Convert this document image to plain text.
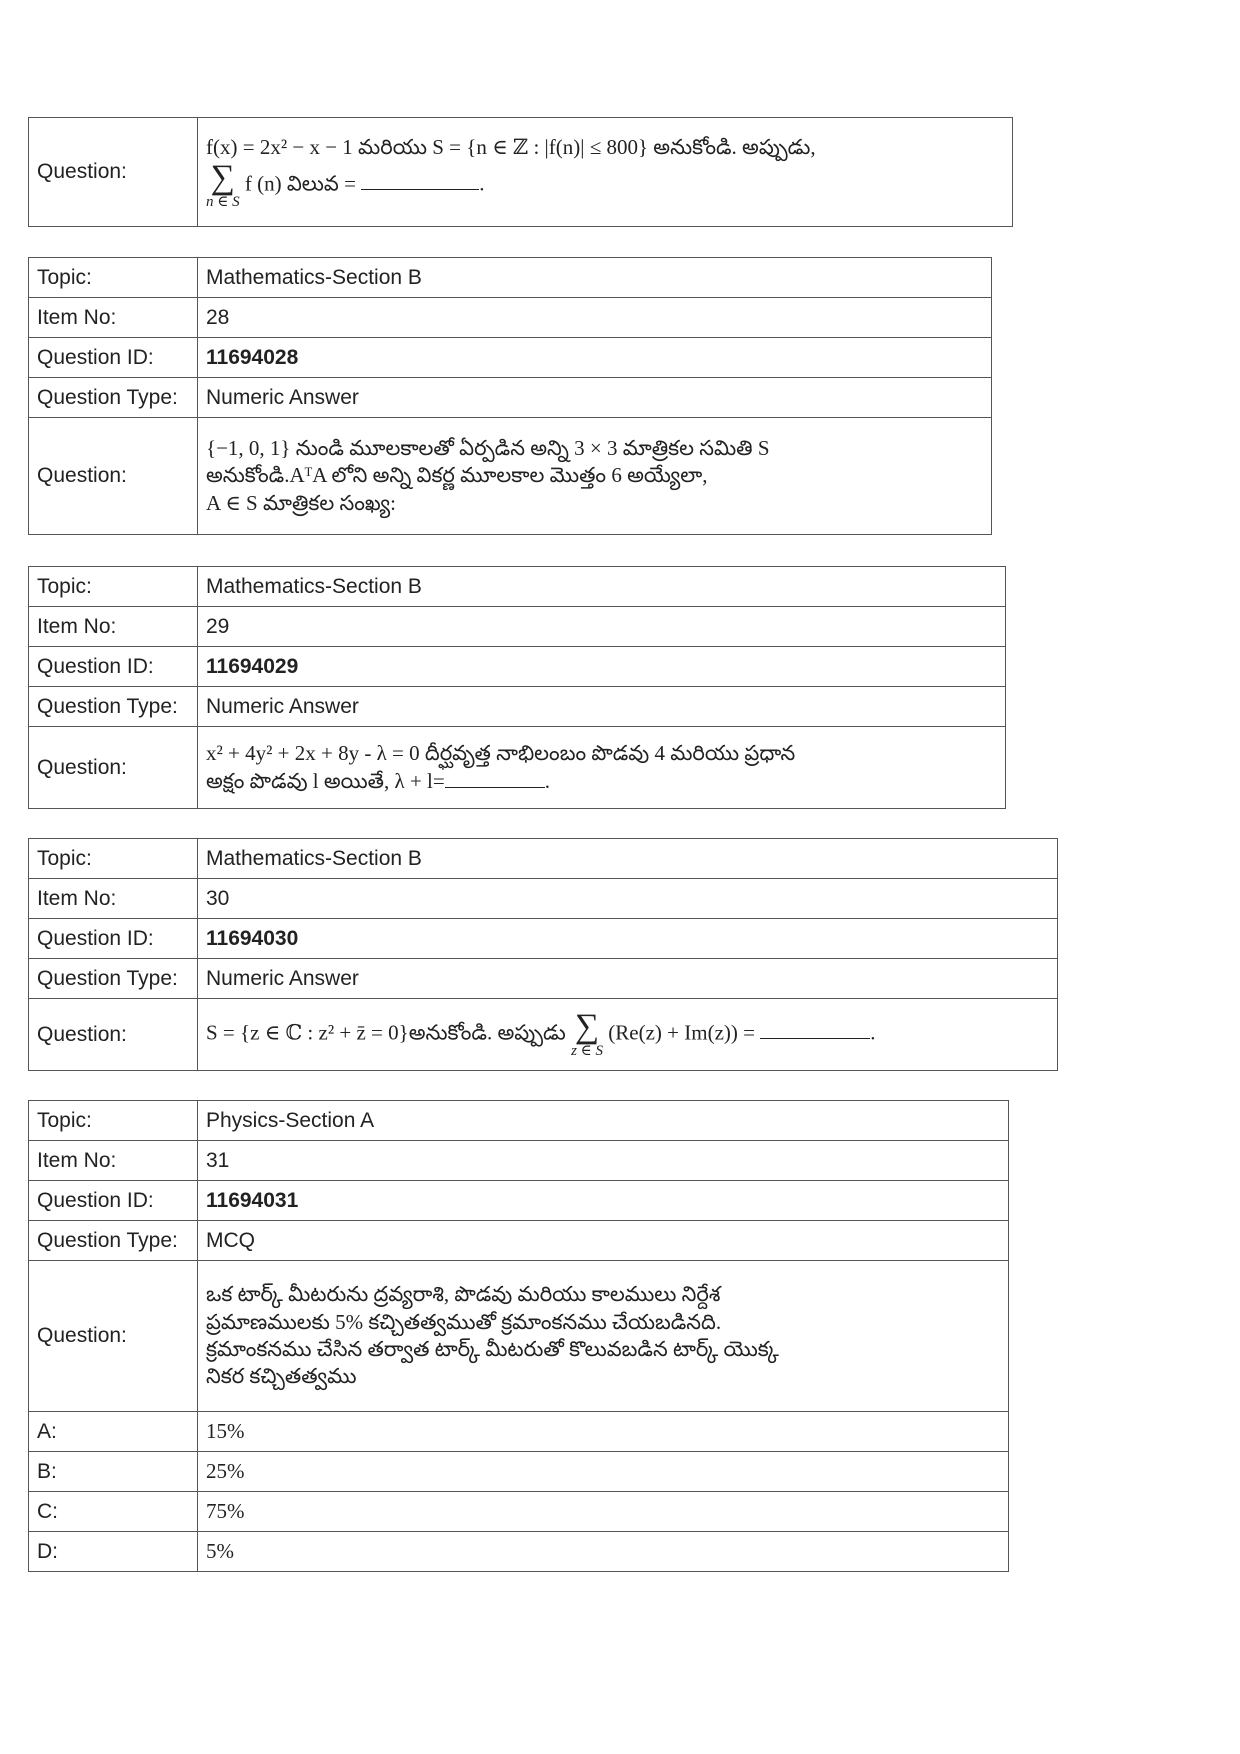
Question:	
f(x) = 2x² − x − 1 మరియు S = {n ∈ ℤ : |f(n)| ≤ 800} అనుకోండి. అప్పుడు,
∑
n ∈ S
f (n) విలువ =	.
Topic:	Mathematics-Section B
Item No:	28
Question ID:	11694028
Question Type:	Numeric Answer
Question:	{−1, 0, 1} నుండి మూలకాలతో ఏర్పడిన అన్ని 3 × 3 మాత్రికల సమితి S
అనుకోండి.AᵀA లోని అన్ని వికర్ణ మూలకాల మొత్తం 6 అయ్యేలా,
A ∈ S మాత్రికల సంఖ్య:
Topic:	Mathematics-Section B
Item No:	29
Question ID:	11694029
Question Type:	Numeric Answer
Question:	x² + 4y² + 2x + 8y - λ = 0 దీర్ఘవృత్త నాభిలంబం పొడవు 4 మరియు ప్రధాన
అక్షం పొడవు l అయితే, λ + l= .
Topic:	Mathematics-Section B
Item No:	30
Question ID:	11694030
Question Type:	Numeric Answer
Question:	S = {z ∈ ℂ : z² + z̄ = 0}అనుకోండి. అప్పుడు ∑
z ∈ S
(Re(z) + Im(z)) = .
Topic:	Physics-Section A
Item No:	31
Question ID:	11694031
Question Type:	MCQ
Question:	ఒక టార్క్ మీటరును ద్రవ్యరాశి, పొడవు మరియు కాలములు నిర్దేశ
ప్రమాణములకు 5% కచ్చితత్వముతో క్రమాంకనము చేయబడినది.
క్రమాంకనము చేసిన తర్వాత టార్క్ మీటరుతో కొలువబడిన టార్క్ యొక్క
నికర కచ్చితత్వము

A:	15%
B:	25%
C:	75%
D:	5%
